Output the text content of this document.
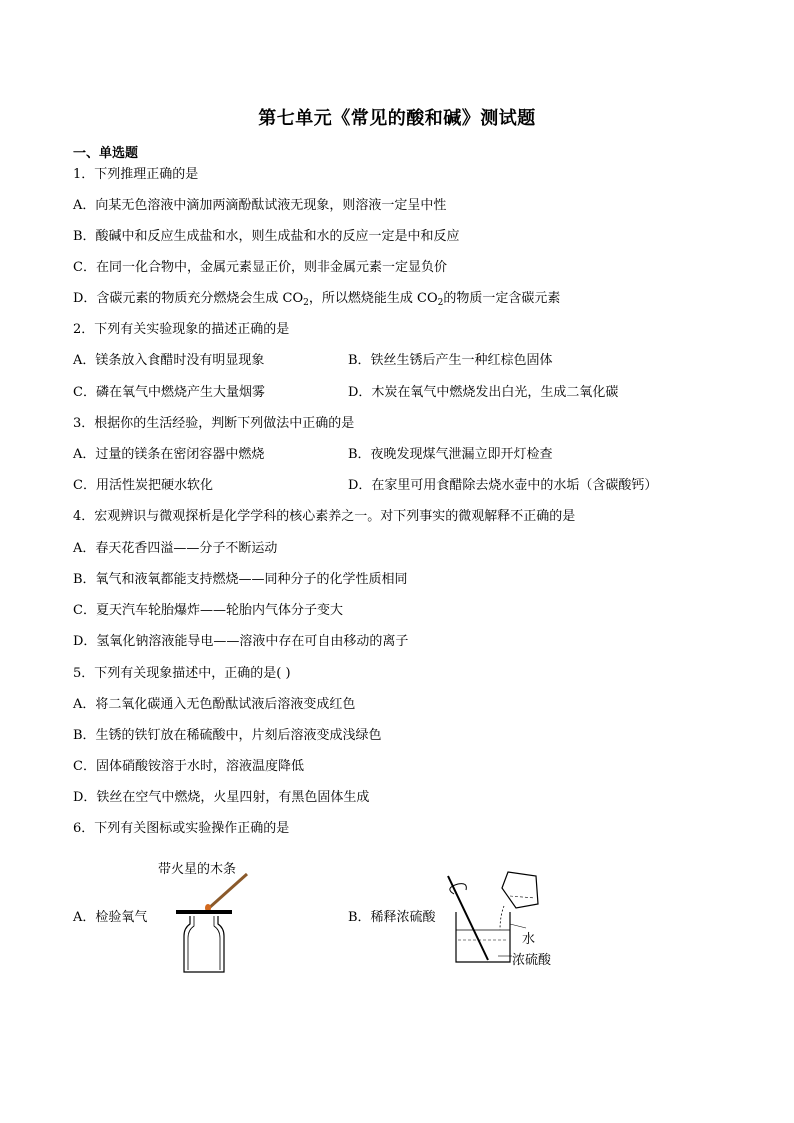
第七单元《常见的酸和碱》测试题
一、单选题
1．下列推理正确的是
A．向某无色溶液中滴加两滴酚酞试液无现象，则溶液一定呈中性
B．酸碱中和反应生成盐和水，则生成盐和水的反应一定是中和反应
C．在同一化合物中，金属元素显正价，则非金属元素一定显负价
D．含碳元素的物质充分燃烧会生成 $CO_2$，所以燃烧能生成 $CO_2$的物质一定含碳元素
2．下列有关实验现象的描述正确的是
A．镁条放入食醋时没有明显现象	B．铁丝生锈后产生一种红棕色固体
C．磷在氧气中燃烧产生大量烟雾	D．木炭在氧气中燃烧发出白光，生成二氧化碳
3．根据你的生活经验，判断下列做法中正确的是
A．过量的镁条在密闭容器中燃烧	B．夜晚发现煤气泄漏立即开灯检查
C．用活性炭把硬水软化	D．在家里可用食醋除去烧水壶中的水垢（含碳酸钙）
4．宏观辨识与微观探析是化学学科的核心素养之一。对下列事实的微观解释不正确的是
A．春天花香四溢——分子不断运动
B．氧气和液氧都能支持燃烧——同种分子的化学性质相同
C．夏天汽车轮胎爆炸——轮胎内气体分子变大
D．氢氧化钠溶液能导电——溶液中存在可自由移动的离子
5．下列有关现象描述中，正确的是( )
A．将二氧化碳通入无色酚酞试液后溶液变成红色
B．生锈的铁钉放在稀硫酸中，片刻后溶液变成浅绿色
C．固体硝酸铵溶于水时，溶液温度降低
D．铁丝在空气中燃烧，火星四射，有黑色固体生成
6．下列有关图标或实验操作正确的是
A．检验氧气	B．稀释浓硫酸
带火星的木条
水
浓硫酸
